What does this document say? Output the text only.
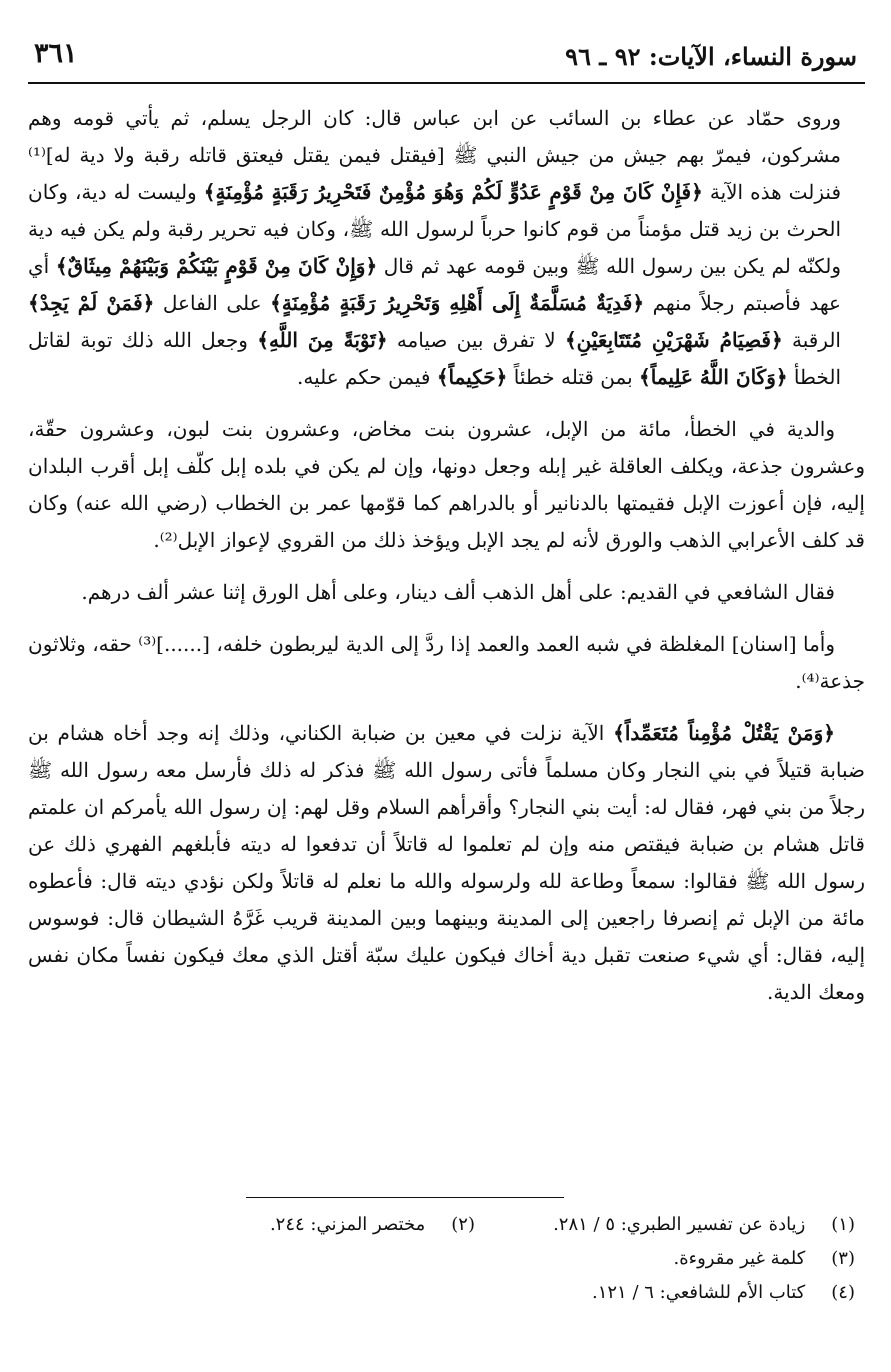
سورة النساء، الآيات: ٩٢ ـ ٩٦
٣٦١

وروى حمّاد عن عطاء بن السائب عن ابن عباس قال: كان الرجل يسلم، ثم يأتي قومه وهم مشركون، فيمرّ بهم جيش من جيش النبي ﷺ [فيقتل فيمن يقتل فيعتق قاتله رقبة ولا دية له]⁽¹⁾ فنزلت هذه الآية ﴿فَإِنْ كَانَ مِنْ قَوْمٍ عَدُوٍّ لَكُمْ وَهُوَ مُؤْمِنٌ فَتَحْرِيرُ رَقَبَةٍ مُؤْمِنَةٍ﴾ وليست له دية، وكان الحرث بن زيد قتل مؤمناً من قوم كانوا حرباً لرسول الله ﷺ، وكان فيه تحرير رقبة ولم يكن فيه دية ولكنّه لم يكن بين رسول الله ﷺ وبين قومه عهد ثم قال ﴿وَإِنْ كَانَ مِنْ قَوْمٍ بَيْنَكُمْ وَبَيْنَهُمْ مِيثَاقٌ﴾ أي عهد فأصبتم رجلاً منهم ﴿فَدِيَةٌ مُسَلَّمَةٌ إِلَى أَهْلِهِ وَتَحْرِيرُ رَقَبَةٍ مُؤْمِنَةٍ﴾ على الفاعل ﴿فَمَنْ لَمْ يَجِدْ﴾ الرقبة ﴿فَصِيَامُ شَهْرَيْنِ مُتَتَابِعَيْنِ﴾ لا تفرق بين صيامه ﴿تَوْبَةً مِنَ اللَّهِ﴾ وجعل الله ذلك توبة لقاتل الخطأ ﴿وَكَانَ اللَّهُ عَلِيماً﴾ بمن قتله خطئاً ﴿حَكِيماً﴾ فيمن حكم عليه.

والدية في الخطأ، مائة من الإبل، عشرون بنت مخاض، وعشرون بنت لبون، وعشرون حقّة، وعشرون جذعة، ويكلف العاقلة غير إبله وجعل دونها، وإن لم يكن في بلده إبل كلّف إبل أقرب البلدان إليه، فإن أعوزت الإبل فقيمتها بالدنانير أو بالدراهم كما قوّمها عمر بن الخطاب (رضي الله عنه) وكان قد كلف الأعرابي الذهب والورق لأنه لم يجد الإبل ويؤخذ ذلك من القروي لإعواز الإبل⁽²⁾.

فقال الشافعي في القديم: على أهل الذهب ألف دينار، وعلى أهل الورق إثنا عشر ألف درهم.

وأما [اسنان] المغلظة في شبه العمد والعمد إذا ردَّ إلى الدية ليربطون خلفه، [......]⁽³⁾ حقه، وثلاثون جذعة⁽⁴⁾.

﴿وَمَنْ يَقْتُلْ مُؤْمِناً مُتَعَمِّداً﴾ الآية نزلت في معين بن ضبابة الكناني، وذلك إنه وجد أخاه هشام بن ضبابة قتيلاً في بني النجار وكان مسلماً فأتى رسول الله ﷺ فذكر له ذلك فأرسل معه رسول الله ﷺ رجلاً من بني فهر، فقال له: أيت بني النجار؟ وأقرأهم السلام وقل لهم: إن رسول الله يأمركم ان علمتم قاتل هشام بن ضبابة فيقتص منه وإن لم تعلموا له قاتلاً أن تدفعوا له ديته فأبلغهم الفهري ذلك عن رسول الله ﷺ فقالوا: سمعاً وطاعة لله ولرسوله والله ما نعلم له قاتلاً ولكن نؤدي ديته قال: فأعطوه مائة من الإبل ثم إنصرفا راجعين إلى المدينة وبينهما وبين المدينة قريب غَرَّهُ الشيطان قال: فوسوس إليه، فقال: أي شيء صنعت تقبل دية أخاك فيكون عليك سبّة أقتل الذي معك فيكون نفساً مكان نفس ومعك الدية.

(١) زيادة عن تفسير الطبري: ٥ / ٢٨١.
(٢) مختصر المزني: ٢٤٤.
(٣) كلمة غير مقروءة.
(٤) كتاب الأم للشافعي: ٦ / ١٢١.
